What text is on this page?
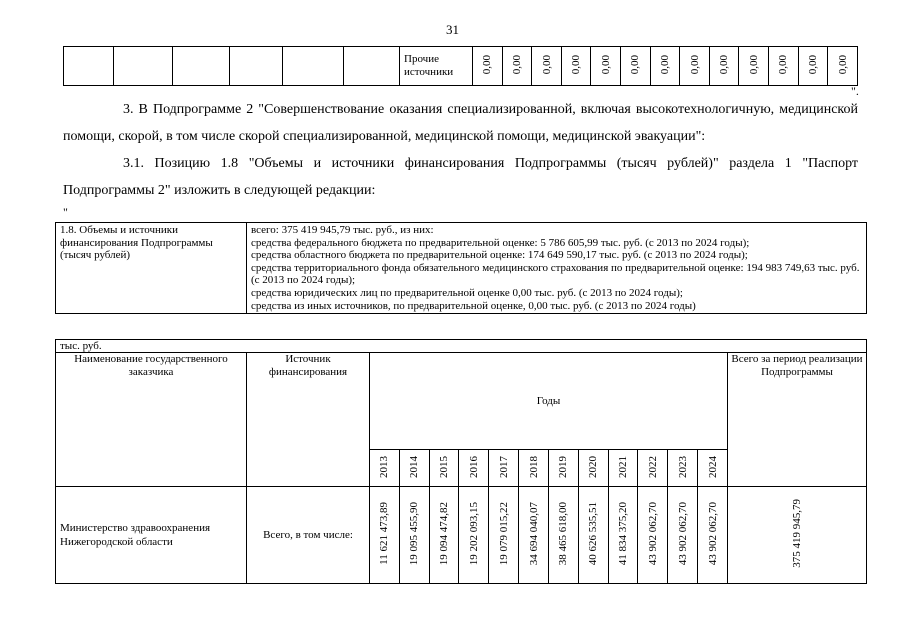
31
						Прочие источники	0,00	0,00	0,00	0,00	0,00	0,00	0,00	0,00	0,00	0,00	0,00	0,00	0,00
".
3. В Подпрограмме 2 "Совершенствование оказания специализированной, включая высокотехнологичную, медицинской помощи, скорой, в том числе скорой специализированной, медицинской помощи, медицинской эвакуации":
3.1. Позицию 1.8 "Объемы и источники финансирования Подпрограммы (тысяч рублей)" раздела 1 "Паспорт Подпрограммы 2" изложить в следующей редакции:
"
1.8. Объемы и источники финансирования Подпрограммы (тысяч рублей)	
всего: 375 419 945,79 тыс. руб., из них:
средства федерального бюджета по предварительной оценке: 5 786 605,99 тыс. руб. (с 2013 по 2024 годы);
средства областного бюджета по предварительной оценке: 174 649 590,17 тыс. руб. (с 2013 по 2024 годы);
средства территориального фонда обязательного медицинского страхования по предварительной оценке: 194 983 749,63 тыс. руб. (с 2013 по 2024 годы);
средства юридических лиц по предварительной оценке 0,00 тыс. руб. (с 2013 по 2024 годы);
средства из иных источников, по предварительной оценке, 0,00 тыс. руб. (с 2013 по 2024 годы)
тыс. руб.														
Наименование государственного заказчика	Источник финансирования	Годы												Всего за период реализации Подпрограммы
		2013	2014	2015	2016	2017	2018	2019	2020	2021	2022	2023	2024	
Министерство здравоохранения Нижегородской области	Всего, в том числе:	11 621 473,89	19 095 455,90	19 094 474,82	19 202 093,15	19 079 015,22	34 694 040,07	38 465 618,00	40 626 535,51	41 834 375,20	43 902 062,70	43 902 062,70	43 902 062,70	375 419 945,79
